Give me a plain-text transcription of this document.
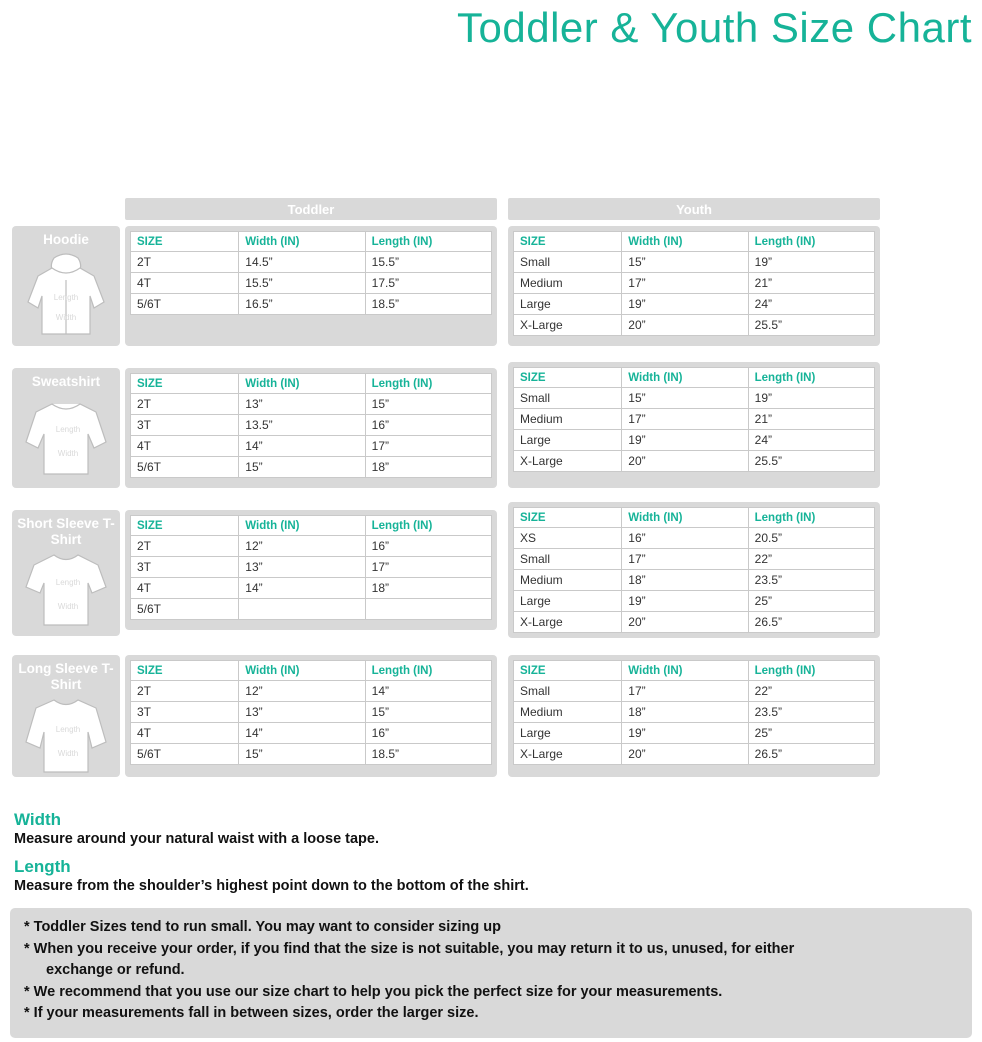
Toddler & Youth Size Chart
Toddler	Youth
Hoodie
Length
Width
SIZE	Width (IN)	Length (IN)
2T	14.5”	15.5”
4T	15.5”	17.5”
5/6T	16.5”	18.5”
SIZE	Width (IN)	Length (IN)
Small	15”	19”
Medium	17”	21”
Large	19”	24”
X-Large	20”	25.5”
Sweatshirt
Length
Width
SIZE	Width (IN)	Length (IN)
2T	13”	15”
3T	13.5”	16”
4T	14”	17”
5/6T	15”	18”
SIZE	Width (IN)	Length (IN)
Small	15”	19”
Medium	17”	21”
Large	19”	24”
X-Large	20”	25.5”
Short Sleeve T-Shirt
Length
Width
SIZE	Width (IN)	Length (IN)
2T	12”	16”
3T	13”	17”
4T	14”	18”
5/6T		
SIZE	Width (IN)	Length (IN)
XS	16”	20.5”
Small	17”	22”
Medium	18”	23.5”
Large	19”	25”
X-Large	20”	26.5”
Long Sleeve T-Shirt
Length
Width
SIZE	Width (IN)	Length (IN)
2T	12”	14”
3T	13”	15”
4T	14”	16”
5/6T	15”	18.5”
SIZE	Width (IN)	Length (IN)
Small	17”	22”
Medium	18”	23.5”
Large	19”	25”
X-Large	20”	26.5”

Width

Measure around your natural waist with a loose tape.

Length

Measure from the shoulder’s highest point down to the bottom of the shirt.

* Toddler Sizes tend to run small. You may want to consider sizing up

* When you receive your order, if you find that the size is not suitable, you may return it to us, unused, for either

exchange or refund.

* We recommend that you use our size chart to help you pick the perfect size for your measurements.

* If your measurements fall in between sizes, order the larger size.
